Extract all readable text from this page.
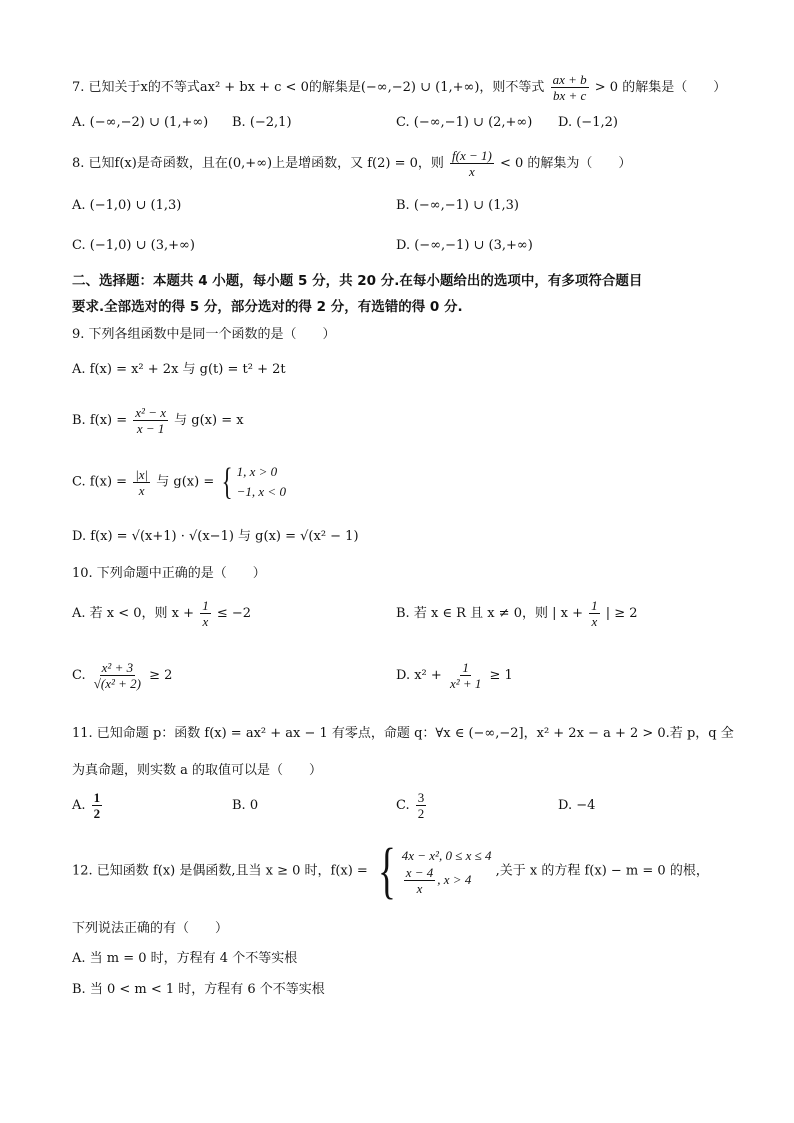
7. 已知关于x的不等式ax² + bx + c < 0的解集是(−∞,−2) ∪ (1,+∞)，则不等式 $\frac{ax + b}{bx + c} > 0$ 的解集是（　　）
A. (−∞,−2) ∪ (1,+∞) B. (−2,1)	C. (−∞,−1) ∪ (2,+∞) D. (−1,2)
8. 已知f(x)是奇函数，且在(0,+∞)上是增函数，又 f(2) = 0，则 $\frac{f(x - 1)}{x} < 0$ 的解集为（　　）
A. (−1,0) ∪ (1,3)	B. (−∞,−1) ∪ (1,3)
C. (−1,0) ∪ (3,+∞)	D. (−∞,−1) ∪ (3,+∞)
二、选择题：本题共 4 小题，每小题 5 分，共 20 分.在每小题给出的选项中，有多项符合题目
要求.全部选对的得 5 分，部分选对的得 2 分，有选错的得 0 分.
9. 下列各组函数中是同一个函数的是（　　）
A. f(x) = x² + 2x 与 g(t) = t² + 2t
B. $f(x) = \frac{\text{x² − x}}{x - 1}$ 与 g(x) = x
C. $f(x) = \frac{|x|}{x}$ 与 g(x) = { 1, x > 0
−1, x < 0
D. f(x) = √(x+1) · √(x−1) 与 g(x) = √(x² − 1)
10. 下列命题中正确的是（　　）
A. 若 x < 0，则 $x + \frac{1}{x} \le -2$	B. 若 x ∈ R 且 x ≠ 0，则 | $x + \frac{1}{x}$ | ≥ 2
C. $\frac{\text{x² + 3}}{\text{√(x² + 2)}} \ge 2$	D. $x^2 + \frac{1}{\text{x² + 1}} \ge 1$
11. 已知命题 p：函数 f(x) = ax² + ax − 1 有零点，命题 q：∀x ∈ (−∞,−2]，x² + 2x − a + 2 > 0.若 p，q 全
为真命题，则实数 a 的取值可以是（　　）
A. $\frac{1}{2}$	B. 0	C. $\frac{3}{2}$	D. −4
12. 已知函数 f(x) 是偶函数,且当 x ≥ 0 时，f(x) = { 4x − x², 0 ≤ x ≤ 4
$\frac{x - 4}{x}$ , x > 4
,关于 x 的方程 f(x) − m = 0 的根，
下列说法正确的有（　　）
A. 当 m = 0 时，方程有 4 个不等实根
B. 当 0 < m < 1 时，方程有 6 个不等实根
